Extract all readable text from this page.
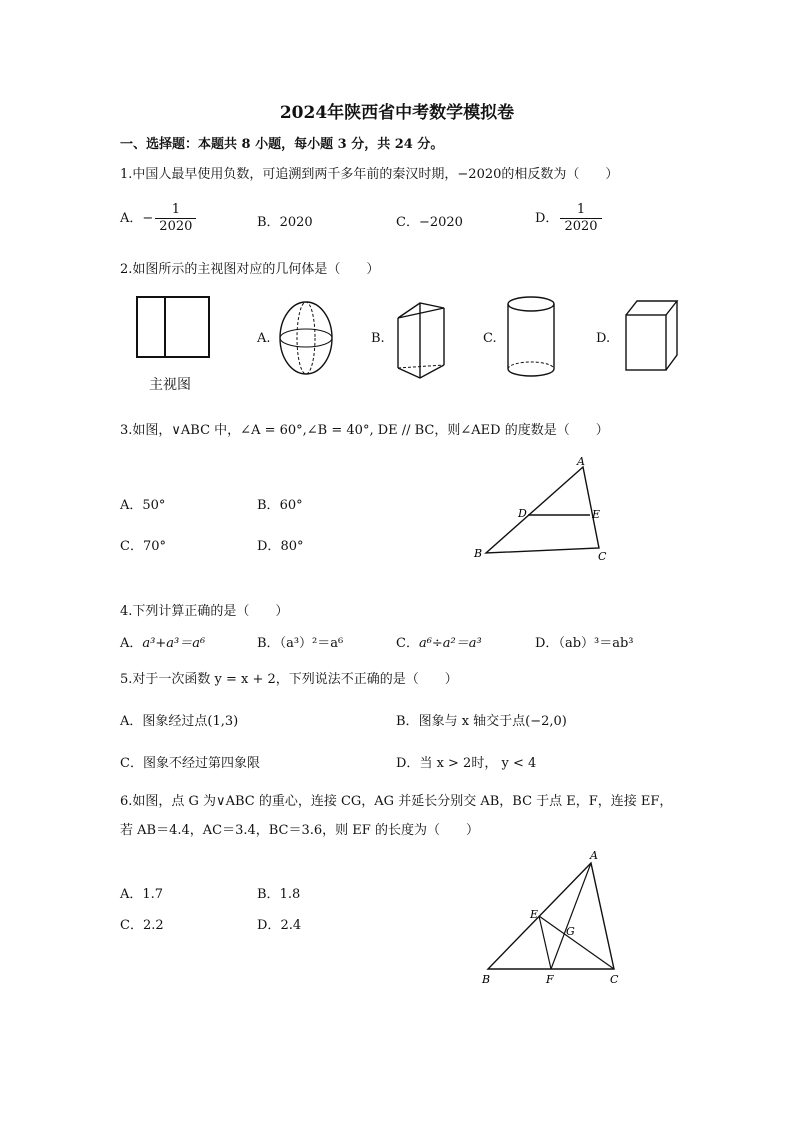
2024年陕西省中考数学模拟卷
一、选择题：本题共 8 小题，每小题 3 分，共 24 分。
1.中国人最早使用负数，可追溯到两千多年前的秦汉时期，−2020的相反数为（　　）
A．− $\frac{1}{2020}$	B．2020	C．−2020	D． $\frac{1}{2020}$
2.如图所示的主视图对应的几何体是（　　）
主视图
A.	B.	C.	D.
3.如图，∨ABC 中，∠A = 60°,∠B = 40°, DE // BC，则∠AED 的度数是（　　）
A．50°	B．60°
C．70°	D．80°
A
B	C
D	E
4.下列计算正确的是（　　）
A．a³+a³＝a⁶	B．（a³）²＝a⁶	C．a⁶÷a²＝a³	D．（ab）³＝ab³
5.对于一次函数 y = x + 2，下列说法不正确的是（　　）
A．图象经过点(1,3)	B．图象与 x 轴交于点(−2,0)
C．图象不经过第四象限	D．当 x > 2时， y < 4
6.如图，点 G 为∨ABC 的重心，连接 CG，AG 并延长分别交 AB，BC 于点 E，F，连接 EF，
若 AB＝4.4，AC＝3.4，BC＝3.6，则 EF 的长度为（　　）
A．1.7	B．1.8
C．2.2	D．2.4
A
B	C
E
F
G
